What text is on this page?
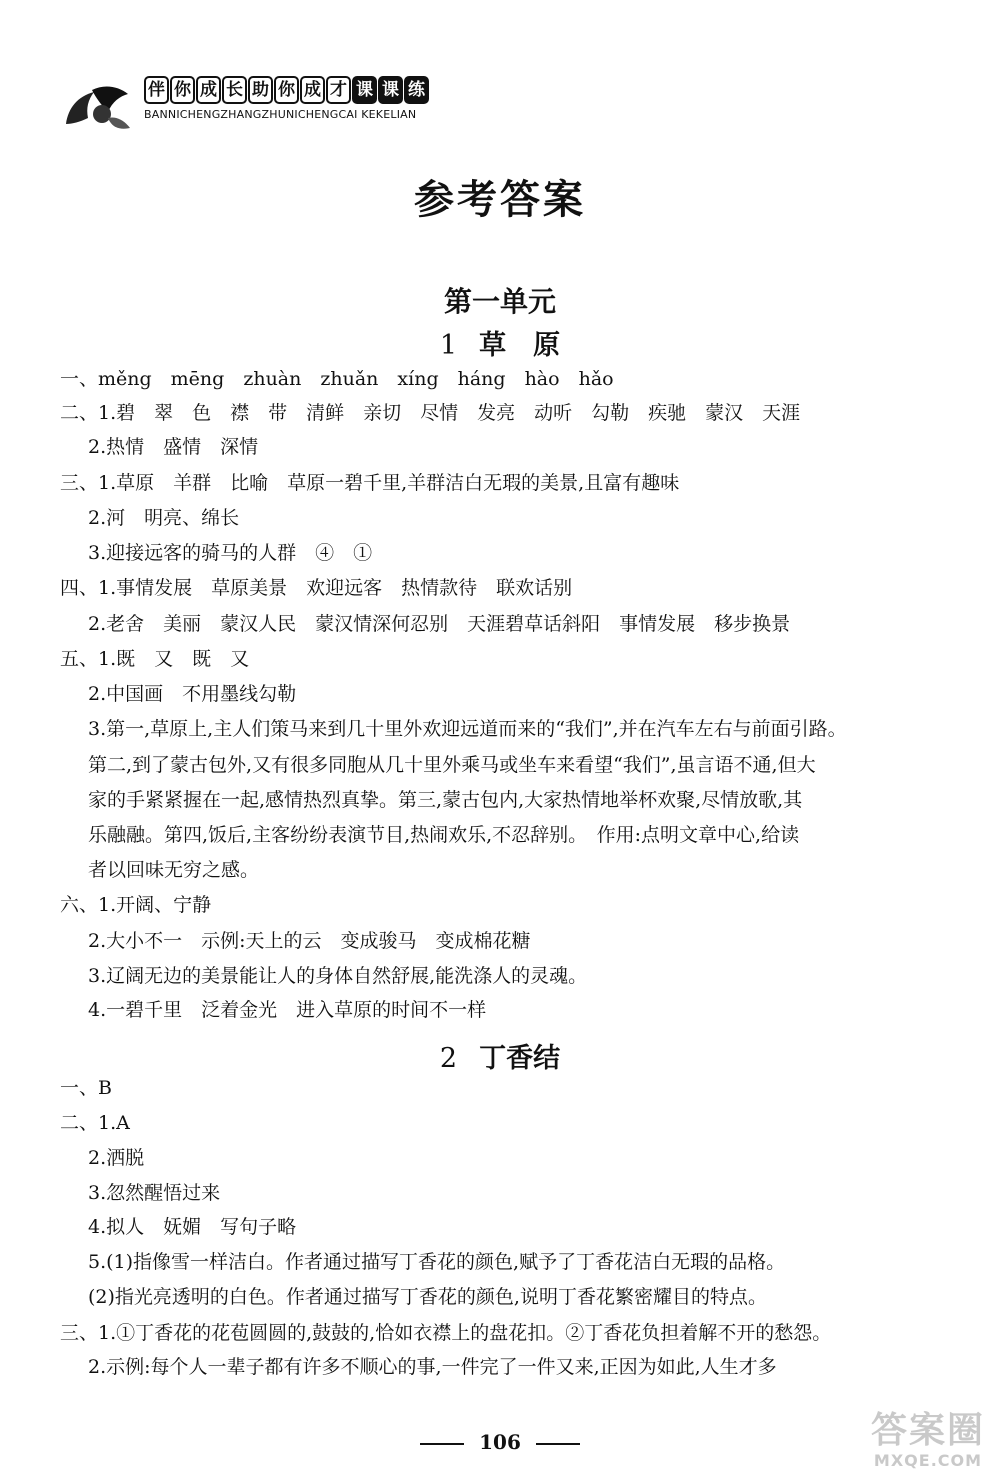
伴 你 成 长 助 你 成 才 课 课 练
BANNICHENGZHANGZHUNICHENGCAI KEKELIAN
参考答案
第一单元
1 草　原
一、měng　mēng　zhuàn　zhuǎn　xíng　háng　hào　hǎo
二、1.碧　翠　色　襟　带　清鲜　亲切　尽情　发亮　动听　勾勒　疾驰　蒙汉　天涯
2.热情　盛情　深情
三、1.草原　羊群　比喻　草原一碧千里,羊群洁白无瑕的美景,且富有趣味
2.河　明亮、绵长
3.迎接远客的骑马的人群　④　①
四、1.事情发展　草原美景　欢迎远客　热情款待　联欢话别
2.老舍　美丽　蒙汉人民　蒙汉情深何忍别　天涯碧草话斜阳　事情发展　移步换景
五、1.既　又　既　又
2.中国画　不用墨线勾勒
3.第一,草原上,主人们策马来到几十里外欢迎远道而来的“我们”,并在汽车左右与前面引路。
第二,到了蒙古包外,又有很多同胞从几十里外乘马或坐车来看望“我们”,虽言语不通,但大
家的手紧紧握在一起,感情热烈真挚。第三,蒙古包内,大家热情地举杯欢聚,尽情放歌,其
乐融融。第四,饭后,主客纷纷表演节目,热闹欢乐,不忍辞别。　作用:点明文章中心,给读
者以回味无穷之感。
六、1.开阔、宁静
2.大小不一　示例:天上的云　变成骏马　变成棉花糖
3.辽阔无边的美景能让人的身体自然舒展,能洗涤人的灵魂。
4.一碧千里　泛着金光　进入草原的时间不一样
2 丁香结
一、B
二、1.A
2.洒脱
3.忽然醒悟过来
4.拟人　妩媚　写句子略
5.(1)指像雪一样洁白。作者通过描写丁香花的颜色,赋予了丁香花洁白无瑕的品格。
(2)指光亮透明的白色。作者通过描写丁香花的颜色,说明丁香花繁密耀目的特点。
三、1.①丁香花的花苞圆圆的,鼓鼓的,恰如衣襟上的盘花扣。②丁香花负担着解不开的愁怨。
2.示例:每个人一辈子都有许多不顺心的事,一件完了一件又来,正因为如此,人生才多
106	答案圈
MXQE.COM
